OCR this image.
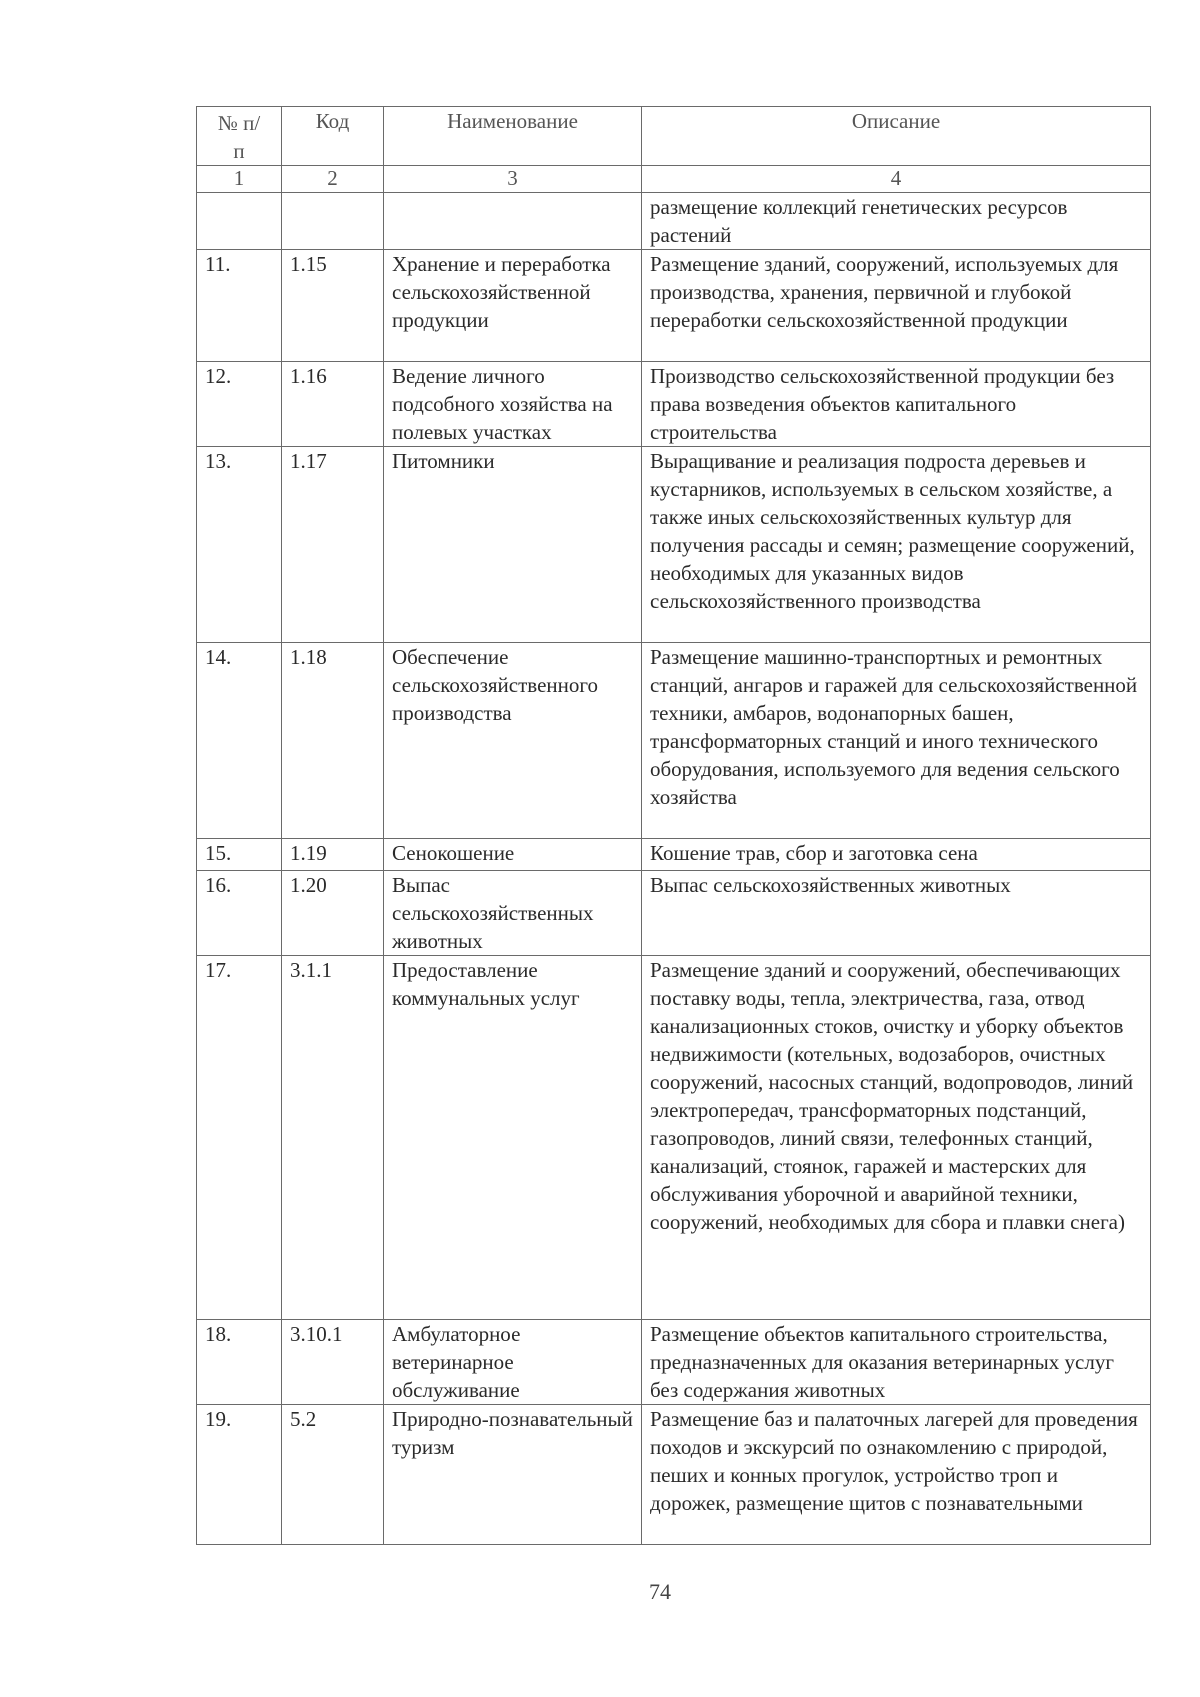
№ п/п	Код	Наименование	Описание
1	2	3	4
			размещение коллекций генетических ресурсов растений
11.	1.15	Хранение и переработка сельскохозяйственной продукции	Размещение зданий, сооружений, используемых для производства, хранения, первичной и глубокой переработки сельскохозяйственной продукции
12.	1.16	Ведение личного подсобного хозяйства на полевых участках	Производство сельскохозяйственной продукции без права возведения объектов капитального строительства
13.	1.17	Питомники	Выращивание и реализация подроста деревьев и кустарников, используемых в сельском хозяйстве, а также иных сельскохозяйственных культур для получения рассады и семян; размещение сооружений, необходимых для указанных видов сельскохозяйственного производства
14.	1.18	Обеспечение сельскохозяйственного производства	Размещение машинно-транспортных и ремонтных станций, ангаров и гаражей для сельскохозяйственной техники, амбаров, водонапорных башен, трансформаторных станций и иного технического оборудования, используемого для ведения сельского хозяйства
15.	1.19	Сенокошение	Кошение трав, сбор и заготовка сена
16.	1.20	Выпас сельскохозяйственных животных	Выпас сельскохозяйственных животных
17.	3.1.1	Предоставление коммунальных услуг	Размещение зданий и сооружений, обеспечивающих поставку воды, тепла, электричества, газа, отвод канализационных стоков, очистку и уборку объектов недвижимости (котельных, водозаборов, очистных сооружений, насосных станций, водопроводов, линий электропередач, трансформаторных подстанций, газопроводов, линий связи, телефонных станций, канализаций, стоянок, гаражей и мастерских для обслуживания уборочной и аварийной техники, сооружений, необходимых для сбора и плавки снега)
18.	3.10.1	Амбулаторное ветеринарное обслуживание	Размещение объектов капитального строительства, предназначенных для оказания ветеринарных услуг без содержания животных
19.	5.2	Природно-познавательный туризм	Размещение баз и палаточных лагерей для проведения походов и экскурсий по ознакомлению с природой, пеших и конных прогулок, устройство троп и дорожек, размещение щитов с познавательными
74
